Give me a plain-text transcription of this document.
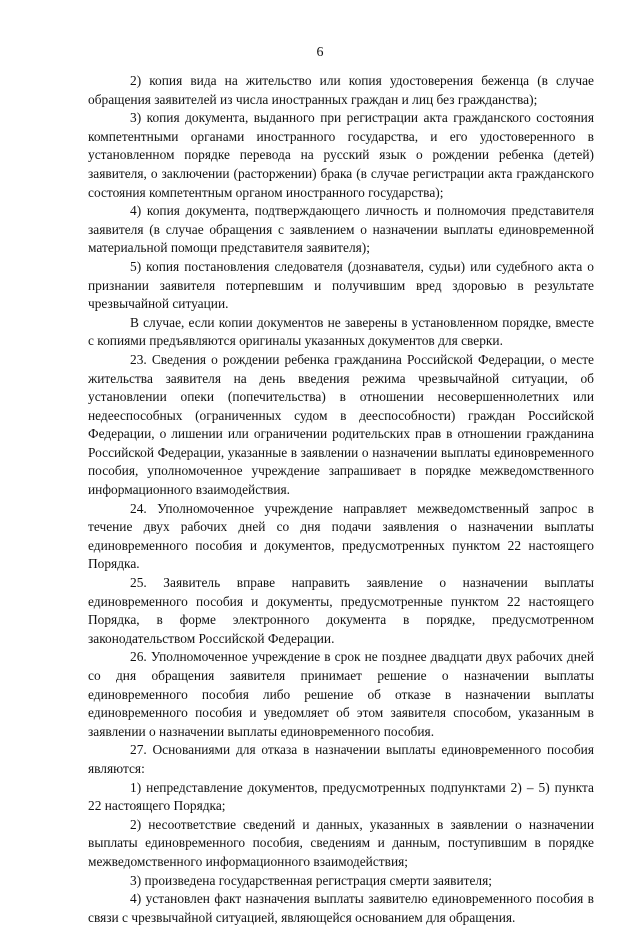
6

2) копия вида на жительство или копия удостоверения беженца (в случае обращения заявителей из числа иностранных граждан и лиц без гражданства);

3) копия документа, выданного при регистрации акта гражданского состояния компетентными органами иностранного государства, и его удостоверенного в установленном порядке перевода на русский язык о рождении ребенка (детей) заявителя, о заключении (расторжении) брака (в случае регистрации акта гражданского состояния компетентным органом иностранного государства);

4) копия документа, подтверждающего личность и полномочия представителя заявителя (в случае обращения с заявлением о назначении выплаты единовременной материальной помощи представителя заявителя);

5) копия постановления следователя (дознавателя, судьи) или судебного акта о признании заявителя потерпевшим и получившим вред здоровью в результате чрезвычайной ситуации.

В случае, если копии документов не заверены в установленном порядке, вместе с копиями предъявляются оригиналы указанных документов для сверки.

23. Сведения о рождении ребенка гражданина Российской Федерации, о месте жительства заявителя на день введения режима чрезвычайной ситуации, об установлении опеки (попечительства) в отношении несовершеннолетних или недееспособных (ограниченных судом в дееспособности) граждан Российской Федерации, о лишении или ограничении родительских прав в отношении гражданина Российской Федерации, указанные в заявлении о назначении выплаты единовременного пособия, уполномоченное учреждение запрашивает в порядке межведомственного информационного взаимодействия.

24. Уполномоченное учреждение направляет межведомственный запрос в течение двух рабочих дней со дня подачи заявления о назначении выплаты единовременного пособия и документов, предусмотренных пунктом 22 настоящего Порядка.

25. Заявитель вправе направить заявление о назначении выплаты единовременного пособия и документы, предусмотренные пунктом 22 настоящего Порядка, в форме электронного документа в порядке, предусмотренном законодательством Российской Федерации.

26. Уполномоченное учреждение в срок не позднее двадцати двух рабочих дней со дня обращения заявителя принимает решение о назначении выплаты единовременного пособия либо решение об отказе в назначении выплаты единовременного пособия и уведомляет об этом заявителя способом, указанным в заявлении о назначении выплаты единовременного пособия.

27. Основаниями для отказа в назначении выплаты единовременного пособия являются:

1) непредставление документов, предусмотренных подпунктами 2) – 5) пункта 22 настоящего Порядка;

2) несоответствие сведений и данных, указанных в заявлении о назначении выплаты единовременного пособия, сведениям и данным, поступившим в порядке межведомственного информационного взаимодействия;

3) произведена государственная регистрация смерти заявителя;

4) установлен факт назначения выплаты заявителю единовременного пособия в связи с чрезвычайной ситуацией, являющейся основанием для обращения.
